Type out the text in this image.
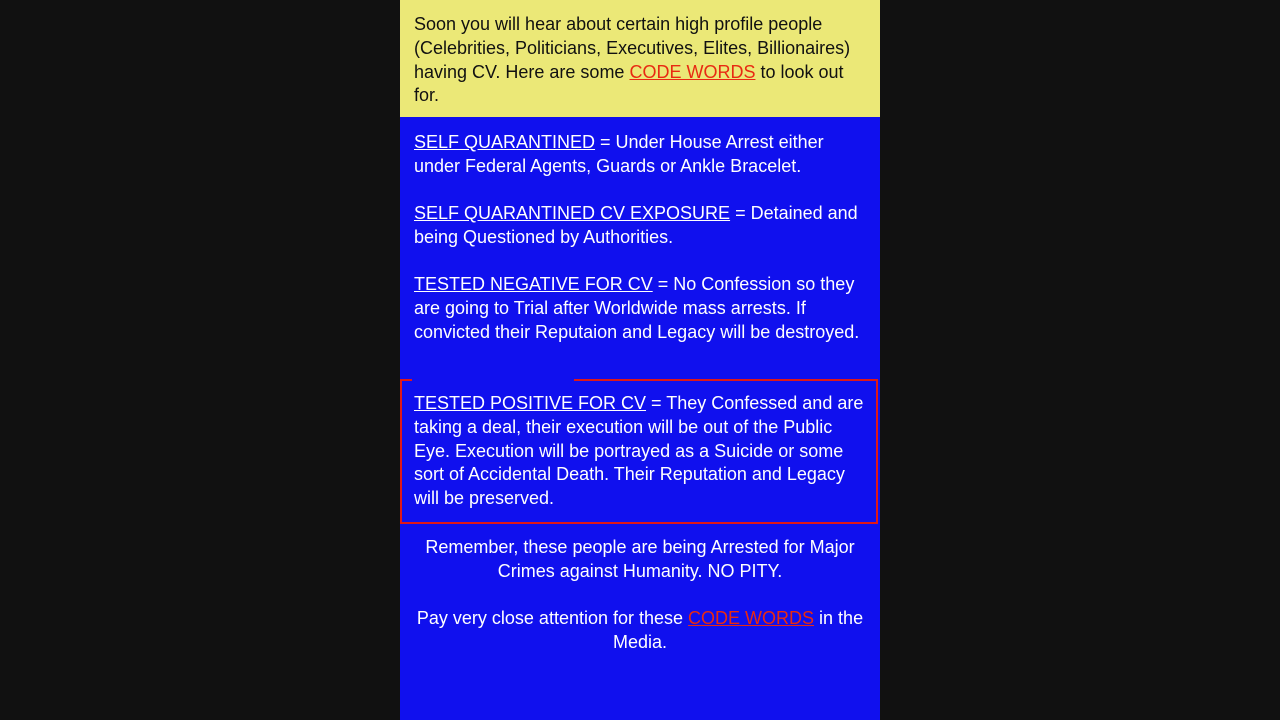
Soon you will hear about certain high profile people (Celebrities, Politicians, Executives, Elites, Billionaires) having CV. Here are some CODE WORDS to look out for.
SELF QUARANTINED = Under House Arrest either under Federal Agents, Guards or Ankle Bracelet.
SELF QUARANTINED CV EXPOSURE = Detained and being Questioned by Authorities.
TESTED NEGATIVE FOR CV = No Confession so they are going to Trial after Worldwide mass arrests. If convicted their Reputaion and Legacy will be destroyed.
TESTED POSITIVE FOR CV = They Confessed and are taking a deal, their execution will be out of the Public Eye. Execution will be portrayed as a Suicide or some sort of Accidental Death. Their Reputation and Legacy will be preserved.
Remember, these people are being Arrested for Major Crimes against Humanity. NO PITY.
Pay very close attention for these CODE WORDS in the Media.
